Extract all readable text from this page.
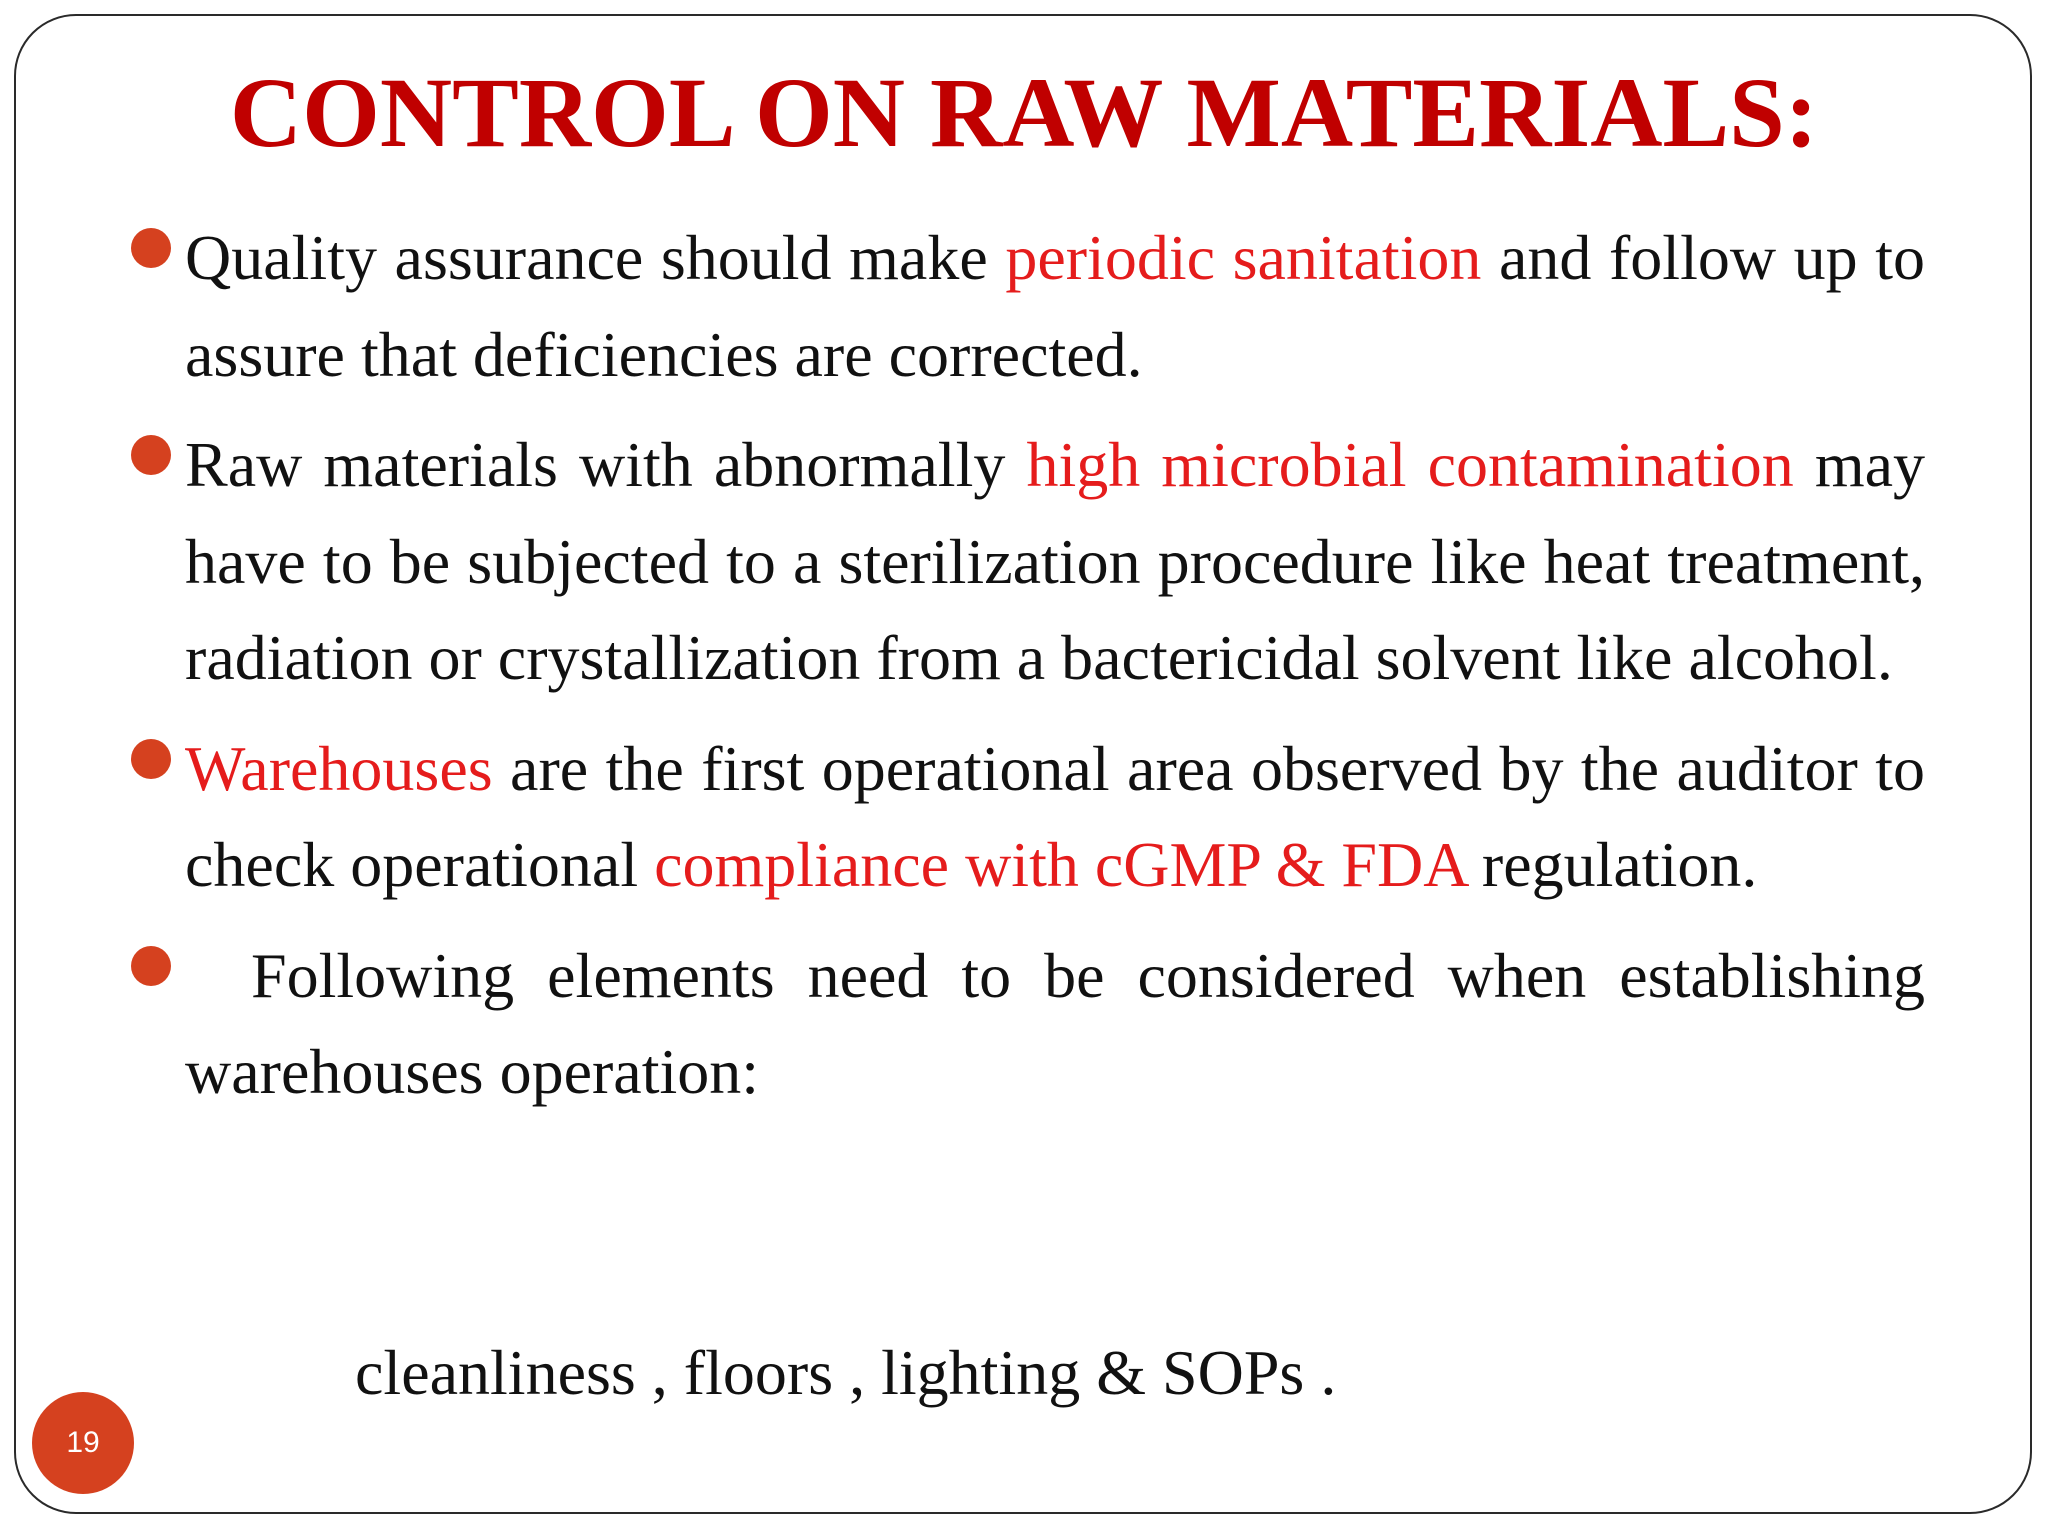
CONTROL ON RAW MATERIALS:

Quality assurance should make periodic sanitation and follow up to assure that deficiencies are corrected.

Raw materials with abnormally high microbial contamination may have to be subjected to a sterilization procedure like heat treatment, radiation or crystallization from a bactericidal solvent like alcohol.

Warehouses are the first operational area observed by the auditor to check operational compliance with cGMP & FDA regulation.

Following elements need to be considered when establishing warehouses operation:

cleanliness , floors , lighting & SOPs .
19
